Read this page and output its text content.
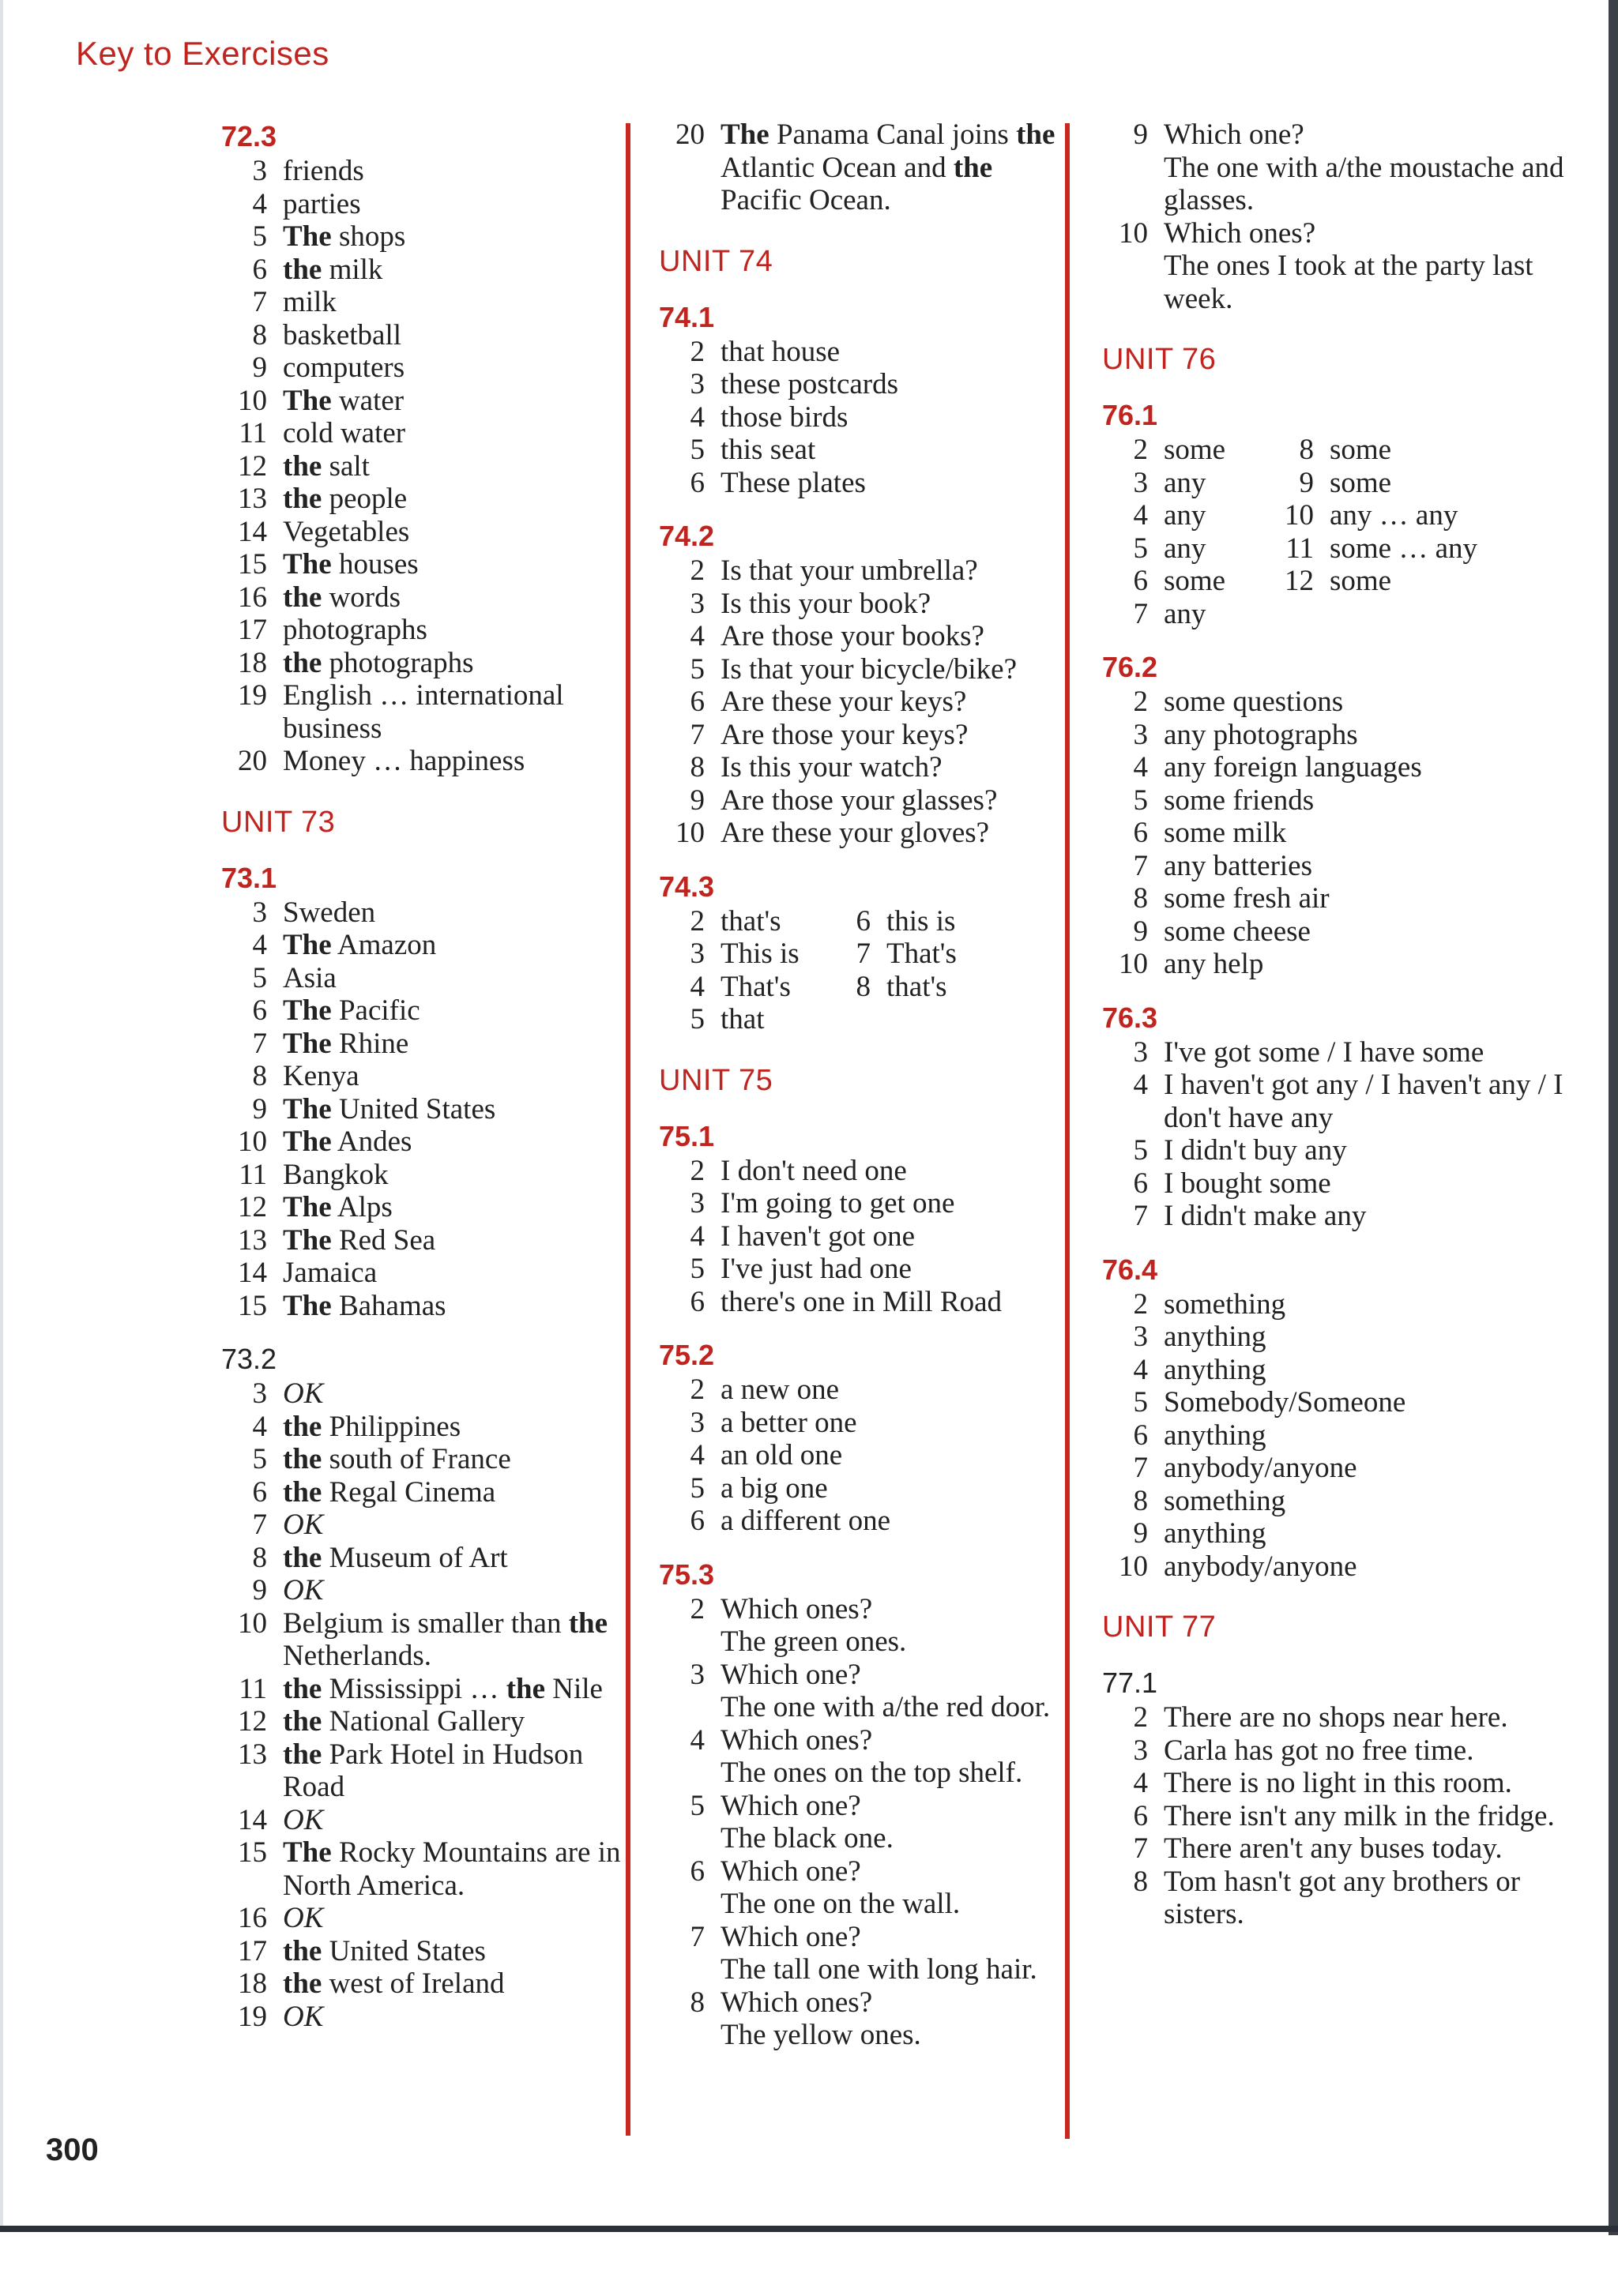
Key to Exercises
72.3
3 friends
4 parties
5 The shops
6 the milk
7 milk
8 basketball
9 computers
10 The water
11 cold water
12 the salt
13 the people
14 Vegetables
15 The houses
16 the words
17 photographs
18 the photographs
19 English … international business
20 Money … happiness
UNIT 73
73.1
3 Sweden
4 The Amazon
5 Asia
6 The Pacific
7 The Rhine
8 Kenya
9 The United States
10 The Andes
11 Bangkok
12 The Alps
13 The Red Sea
14 Jamaica
15 The Bahamas
73.2
3 OK
4 the Philippines
5 the south of France
6 the Regal Cinema
7 OK
8 the Museum of Art
9 OK
10 Belgium is smaller than the Netherlands.
11 the Mississippi … the Nile
12 the National Gallery
13 the Park Hotel in Hudson Road
14 OK
15 The Rocky Mountains are in North America.
16 OK
17 the United States
18 the west of Ireland
19 OK
20 The Panama Canal joins the Atlantic Ocean and the Pacific Ocean.
UNIT 74
74.1
2 that house
3 these postcards
4 those birds
5 this seat
6 These plates
74.2
2 Is that your umbrella?
3 Is this your book?
4 Are those your books?
5 Is that your bicycle/bike?
6 Are these your keys?
7 Are those your keys?
8 Is this your watch?
9 Are those your glasses?
10 Are these your gloves?
74.3
2 that's	6 this is
3 This is	7 That's
4 That's	8 that's
5 that
UNIT 75
75.1
2 I don't need one
3 I'm going to get one
4 I haven't got one
5 I've just had one
6 there's one in Mill Road
75.2
2 a new one
3 a better one
4 an old one
5 a big one
6 a different one
75.3
2 Which ones?
The green ones.
3 Which one?
The one with a/the red door.
4 Which ones?
The ones on the top shelf.
5 Which one?
The black one.
6 Which one?
The one on the wall.
7 Which one?
The tall one with long hair.
8 Which ones?
The yellow ones.
9 Which one?
The one with a/the moustache and glasses.
10 Which ones?
The ones I took at the party last week.
UNIT 76
76.1
2 some	8 some
3 any	9 some
4 any	10 any … any
5 any	11 some … any
6 some	12 some
7 any
76.2
2 some questions
3 any photographs
4 any foreign languages
5 some friends
6 some milk
7 any batteries
8 some fresh air
9 some cheese
10 any help
76.3
3 I've got some / I have some
4 I haven't got any / I haven't any / I don't have any
5 I didn't buy any
6 I bought some
7 I didn't make any
76.4
2 something
3 anything
4 anything
5 Somebody/Someone
6 anything
7 anybody/anyone
8 something
9 anything
10 anybody/anyone
UNIT 77
77.1
2 There are no shops near here.
3 Carla has got no free time.
4 There is no light in this room.
6 There isn't any milk in the fridge.
7 There aren't any buses today.
8 Tom hasn't got any brothers or sisters.
300
